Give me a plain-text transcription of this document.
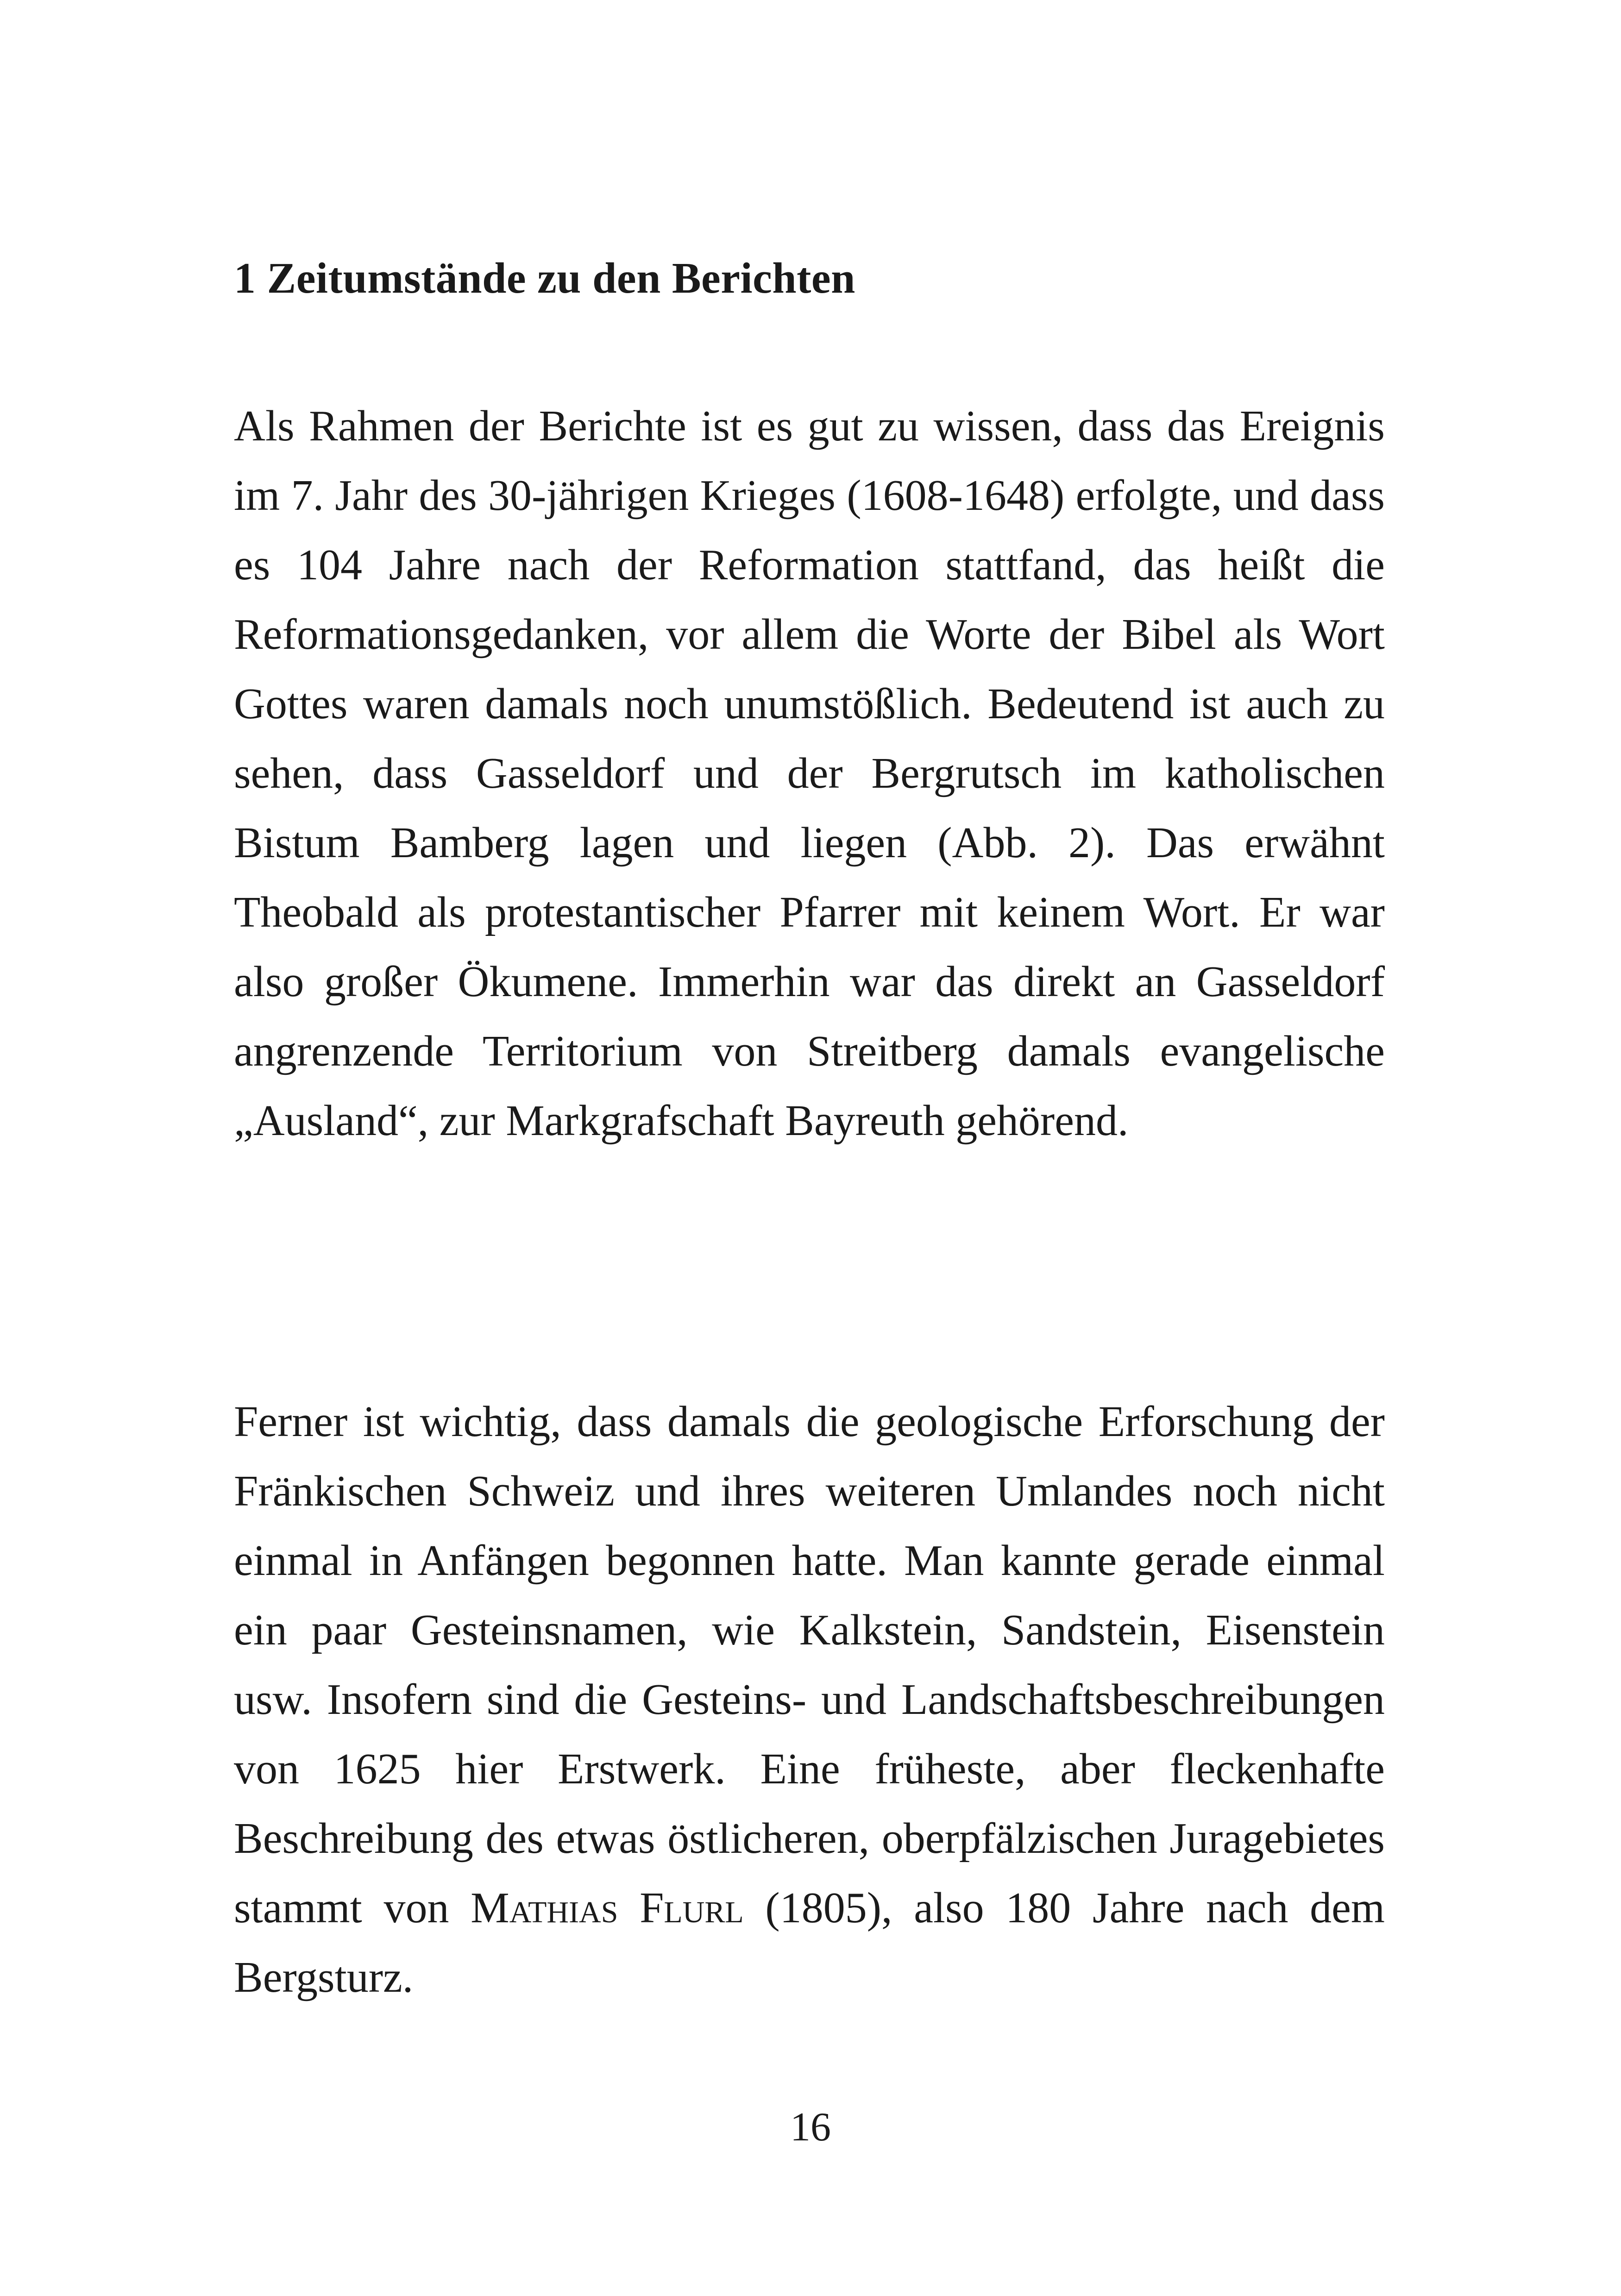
1 Zeitumstände zu den Berichten

Als Rahmen der Berichte ist es gut zu wissen, dass das Ereignis im 7. Jahr des 30-jährigen Krieges (1608-1648) erfolgte, und dass es 104 Jahre nach der Reformation stattfand, das heißt die Reformationsgedanken, vor allem die Worte der Bibel als Wort Gottes waren damals noch unumstößlich. Bedeutend ist auch zu sehen, dass Gasseldorf und der Bergrutsch im katholischen Bistum Bamberg lagen und liegen (Abb. 2). Das erwähnt Theobald als protestantischer Pfarrer mit keinem Wort. Er war also großer Ökumene. Immerhin war das direkt an Gasseldorf angrenzende Territorium von Streitberg damals evangelische „Ausland“, zur Markgrafschaft Bayreuth gehörend.

Ferner ist wichtig, dass damals die geologische Erforschung der Fränkischen Schweiz und ihres weiteren Umlandes noch nicht einmal in Anfängen begonnen hatte. Man kannte gerade einmal ein paar Gesteinsnamen, wie Kalkstein, Sandstein, Eisenstein usw. Insofern sind die Gesteins- und Landschaftsbeschreibungen von 1625 hier Erstwerk. Eine früheste, aber fleckenhafte Beschreibung des etwas östlicheren, oberpfälzischen Juragebietes stammt von Mathias Flurl (1805), also 180 Jahre nach dem Bergsturz.

16
